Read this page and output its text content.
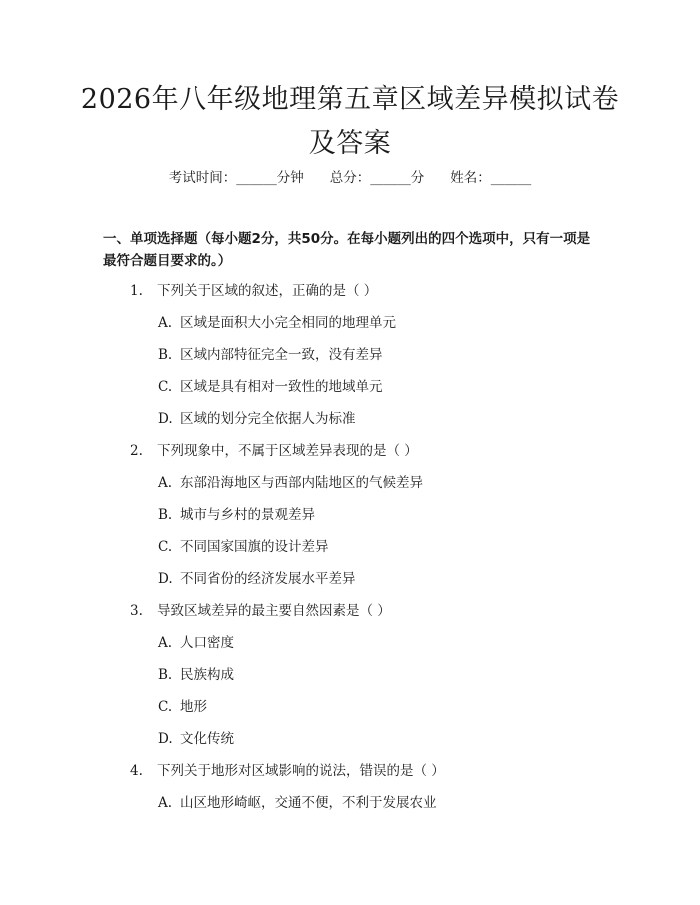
2026年八年级地理第五章区域差异模拟试卷
及答案
考试时间：______分钟 总分：______分 姓名：______
一、单项选择题（每小题2分，共50分。在每小题列出的四个选项中，只有一项是最符合题目要求的。）
1. 下列关于区域的叙述，正确的是（ ）
A. 区域是面积大小完全相同的地理单元
B. 区域内部特征完全一致，没有差异
C. 区域是具有相对一致性的地域单元
D. 区域的划分完全依据人为标准
2. 下列现象中，不属于区域差异表现的是（ ）
A. 东部沿海地区与西部内陆地区的气候差异
B. 城市与乡村的景观差异
C. 不同国家国旗的设计差异
D. 不同省份的经济发展水平差异
3. 导致区域差异的最主要自然因素是（ ）
A. 人口密度
B. 民族构成
C. 地形
D. 文化传统
4. 下列关于地形对区域影响的说法，错误的是（ ）
A. 山区地形崎岖，交通不便，不利于发展农业
